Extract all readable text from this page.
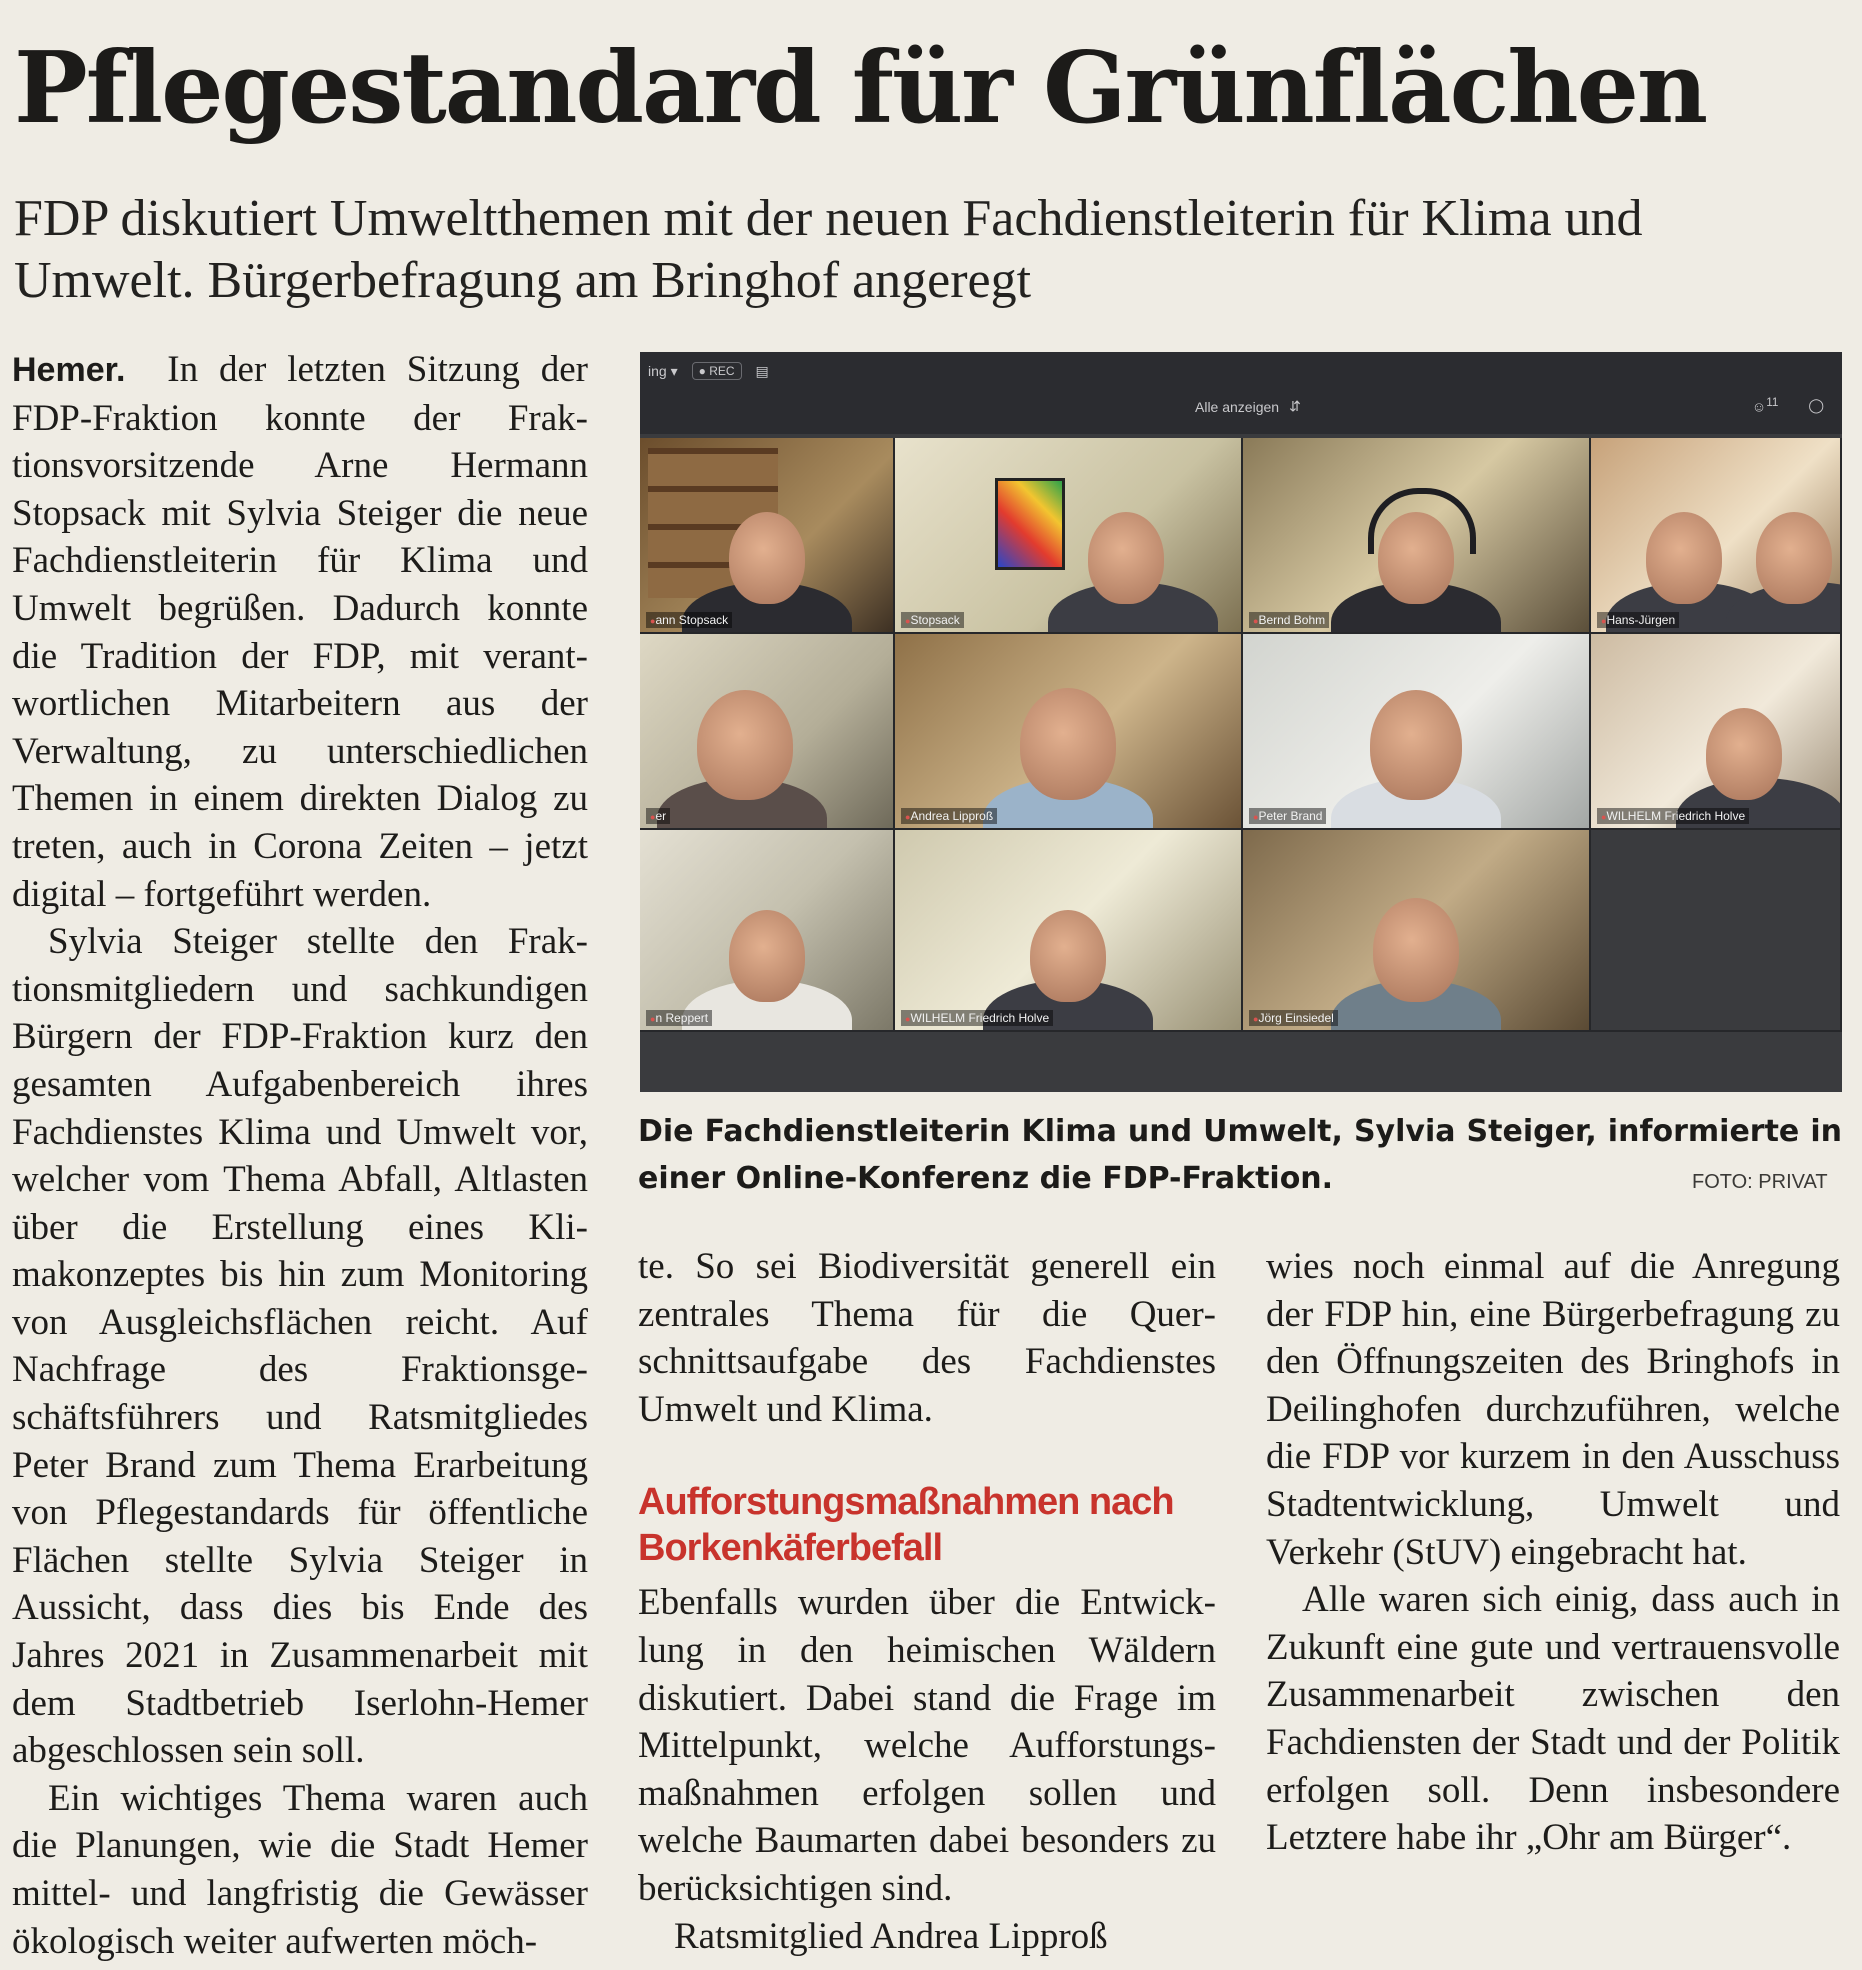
Pflegestandard für Grünflächen
FDP diskutiert Umweltthemen mit der neuen Fachdienstleiterin für Klima und Umwelt. Bürgerbefragung am Bringhof angeregt

Hemer. In der letzten Sitzung der FDP-Fraktion konnte der Fraktionsvorsitzende Arne Hermann Stopsack mit Sylvia Steiger die neue Fachdienstleiterin für Klima und Umwelt begrüßen. Dadurch konnte die Tradition der FDP, mit verantwortlichen Mitarbeitern aus der Verwaltung, zu unterschiedlichen Themen in einem direkten Dialog zu treten, auch in Corona Zeiten – jetzt digital – fortgeführt werden.

Sylvia Steiger stellte den Fraktionsmitgliedern und sachkundigen Bürgern der FDP-Fraktion kurz den gesamten Aufgabenbereich ihres Fachdienstes Klima und Umwelt vor, welcher vom Thema Abfall, Altlasten über die Erstellung eines Klimakonzeptes bis hin zum Monitoring von Ausgleichsflächen reicht. Auf Nachfrage des Fraktionsgeschäftsführers und Ratsmitgliedes Peter Brand zum Thema Erarbeitung von Pflegestandards für öffentliche Flächen stellte Sylvia Steiger in Aussicht, dass dies bis Ende des Jahres 2021 in Zusammenarbeit mit dem Stadtbetrieb Iserlohn-Hemer abgeschlossen sein soll.

Ein wichtiges Thema waren auch die Planungen, wie die Stadt Hemer mittel- und langfristig die Gewässer ökologisch weiter aufwerten möch-

ing ▾	● REC	▤
Alle anzeigen ⇵	☺$^{11}$ ◯
● ann Stopsack	● Stopsack	● Bernd Bohm	● Hans-Jürgen
● er	● Andrea Lipproß	● Peter Brand	● WILHELM Friedrich Holve
● n Reppert	● WILHELM Friedrich Holve	● Jörg Einsiedel
Die Fachdienstleiterin Klima und Umwelt, Sylvia Steiger, informierte in einer Online-Konferenz die FDP-Fraktion.	FOTO: PRIVAT

te. So sei Biodiversität generell ein zentrales Thema für die Querschnittsaufgabe des Fachdienstes Umwelt und Klima.

Aufforstungsmaßnahmen nach Borkenkäferbefall

Ebenfalls wurden über die Entwicklung in den heimischen Wäldern diskutiert. Dabei stand die Frage im Mittelpunkt, welche Aufforstungsmaßnahmen erfolgen sollen und welche Baumarten dabei besonders zu berücksichtigen sind.

Ratsmitglied Andrea Lipproß

wies noch einmal auf die Anregung der FDP hin, eine Bürgerbefragung zu den Öffnungszeiten des Bringhofs in Deilinghofen durchzuführen, welche die FDP vor kurzem in den Ausschuss Stadtentwicklung, Umwelt und Verkehr (StUV) eingebracht hat.

Alle waren sich einig, dass auch in Zukunft eine gute und vertrauensvolle Zusammenarbeit zwischen den Fachdiensten der Stadt und der Politik erfolgen soll. Denn insbesondere Letztere habe ihr „Ohr am Bürger“.
